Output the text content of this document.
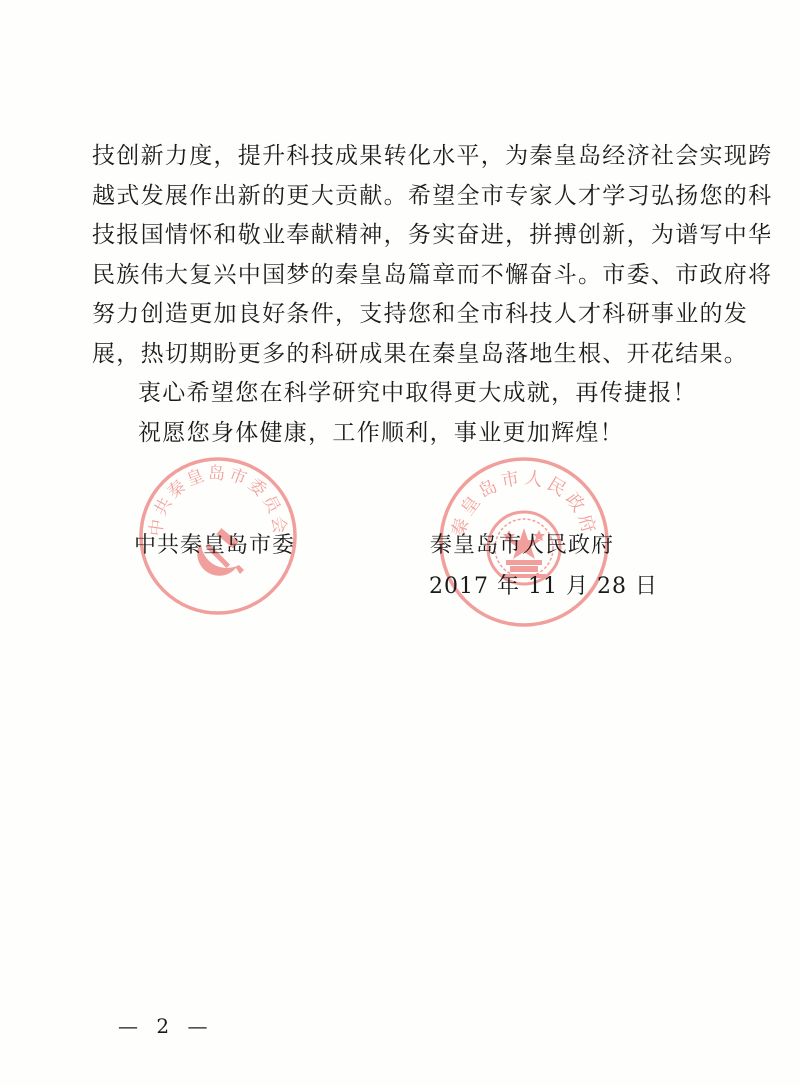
技创新力度，提升科技成果转化水平，为秦皇岛经济社会实现跨
越式发展作出新的更大贡献。希望全市专家人才学习弘扬您的科
技报国情怀和敬业奉献精神，务实奋进，拼搏创新，为谱写中华
民族伟大复兴中国梦的秦皇岛篇章而不懈奋斗。市委、市政府将
努力创造更加良好条件，支持您和全市科技人才科研事业的发
展，热切期盼更多的科研成果在秦皇岛落地生根、开花结果。
衷心希望您在科学研究中取得更大成就，再传捷报！
祝愿您身体健康，工作顺利，事业更加辉煌！
中共秦皇岛市委员会	秦皇岛市人民政府
中共秦皇岛市委	秦皇岛市人民政府
2017 年 11 月 28 日
— 2 —
